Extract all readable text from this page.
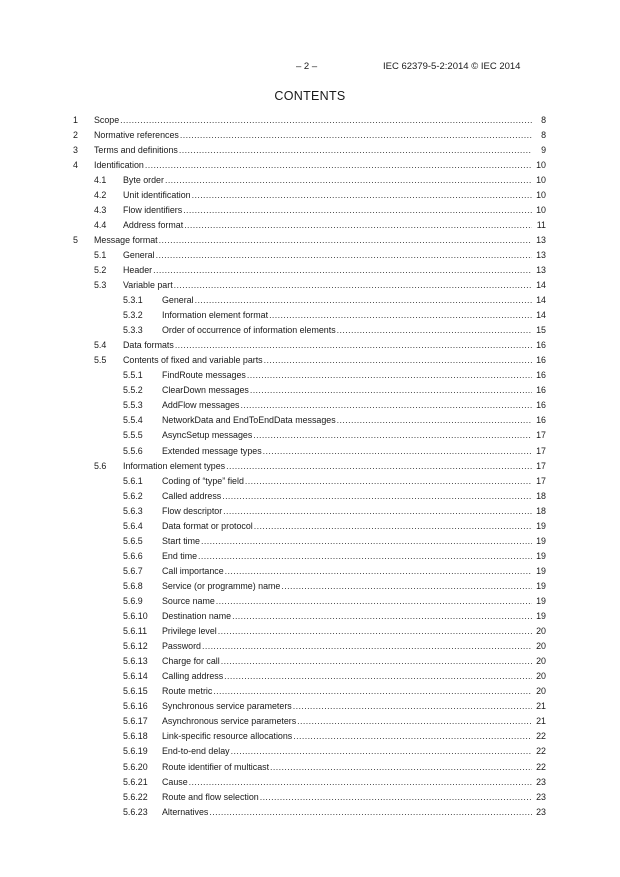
– 2 –	IEC 62379-5-2:2014 © IEC 2014
CONTENTS
1 Scope .....	8
2 Normative references .....	8
3 Terms and definitions .....	9
4 Identification .....	10
4.1 Byte order .....	10
4.2 Unit identification .....	10
4.3 Flow identifiers .....	10
4.4 Address format .....	11
5 Message format .....	13
5.1 General .....	13
5.2 Header .....	13
5.3 Variable part .....	14
5.3.1 General .....	14
5.3.2 Information element format .....	14
5.3.3 Order of occurrence of information elements .....	15
5.4 Data formats .....	16
5.5 Contents of fixed and variable parts .....	16
5.5.1 FindRoute messages .....	16
5.5.2 ClearDown messages .....	16
5.5.3 AddFlow messages .....	16
5.5.4 NetworkData and EndToEndData messages .....	16
5.5.5 AsyncSetup messages .....	17
5.5.6 Extended message types .....	17
5.6 Information element types .....	17
5.6.1 Coding of “type” field .....	17
5.6.2 Called address .....	18
5.6.3 Flow descriptor .....	18
5.6.4 Data format or protocol .....	19
5.6.5 Start time .....	19
5.6.6 End time .....	19
5.6.7 Call importance .....	19
5.6.8 Service (or programme) name .....	19
5.6.9 Source name .....	19
5.6.10 Destination name .....	19
5.6.11 Privilege level .....	20
5.6.12 Password .....	20
5.6.13 Charge for call .....	20
5.6.14 Calling address .....	20
5.6.15 Route metric .....	20
5.6.16 Synchronous service parameters .....	21
5.6.17 Asynchronous service parameters .....	21
5.6.18 Link-specific resource allocations .....	22
5.6.19 End-to-end delay .....	22
5.6.20 Route identifier of multicast .....	22
5.6.21 Cause .....	23
5.6.22 Route and flow selection .....	23
5.6.23 Alternatives .....	23
